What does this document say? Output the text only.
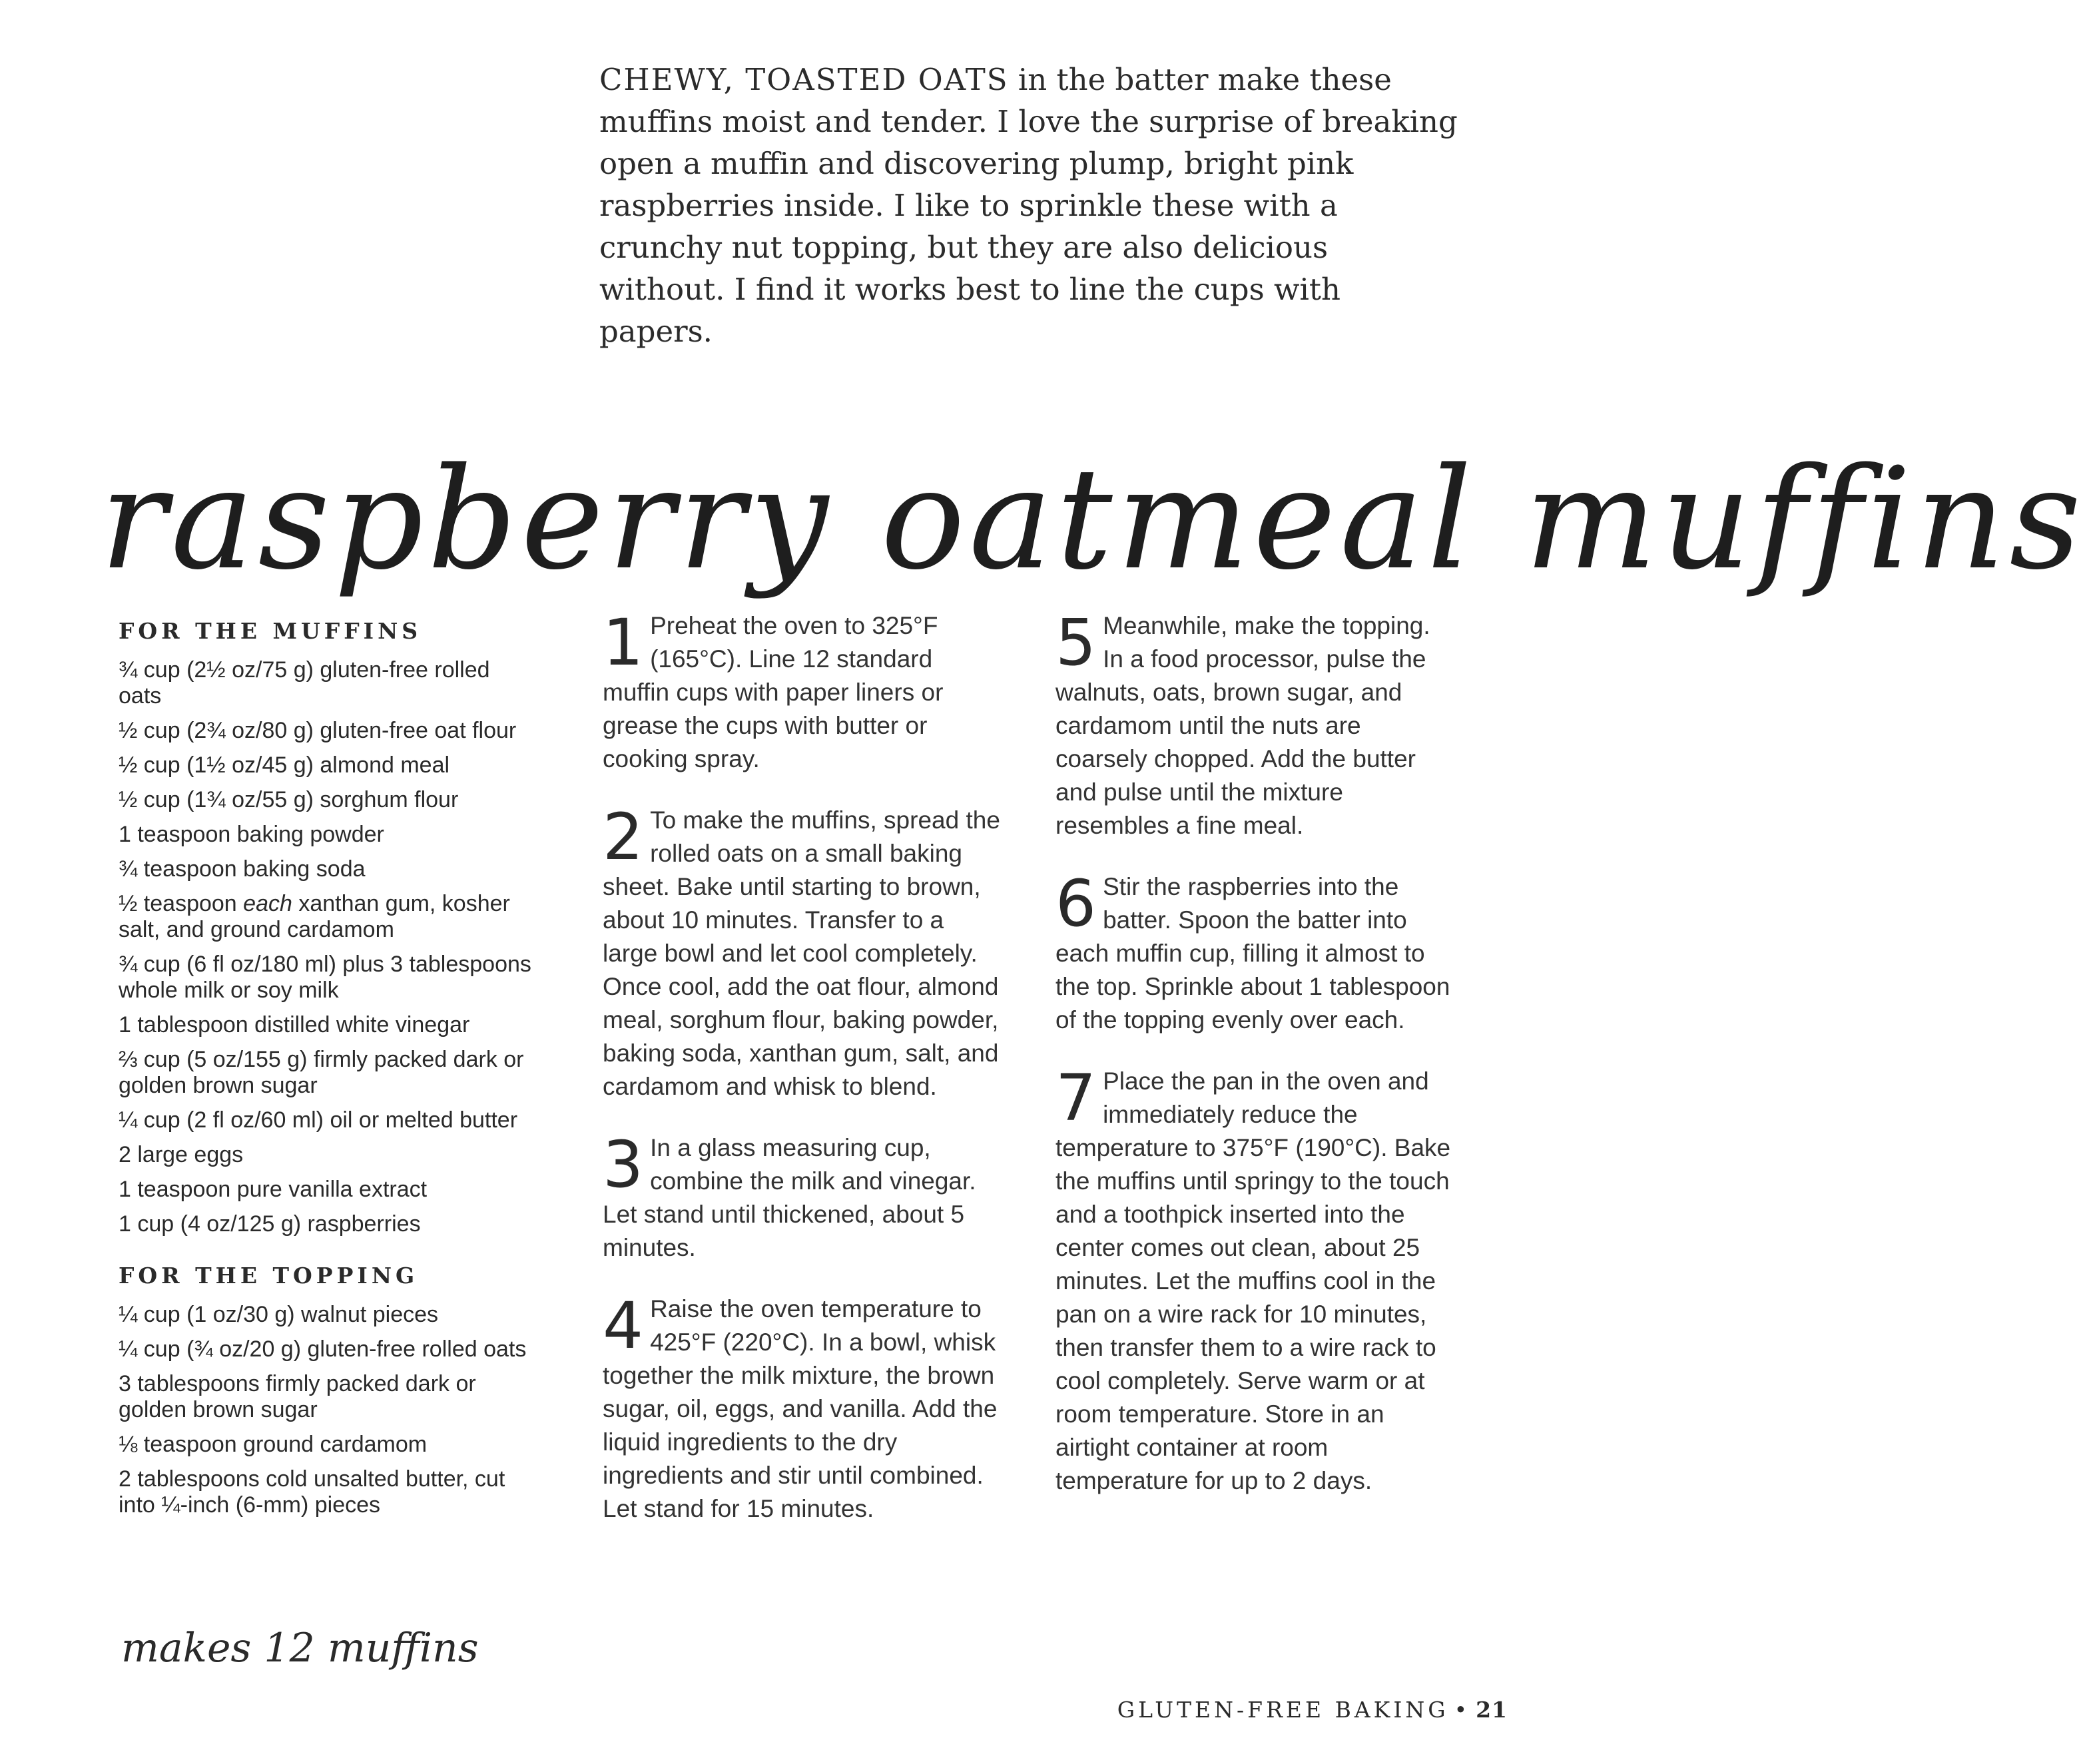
CHEWY, TOASTED OATS in the batter make these muffins moist and tender. I love the surprise of breaking open a muffin and discovering plump, bright pink raspberries inside. I like to sprinkle these with a crunchy nut topping, but they are also delicious without. I find it works best to line the cups with papers.

raspberry oatmeal muffins
FOR THE MUFFINS
¾ cup (2½ oz/75 g) gluten-free rolled oats
½ cup (2¾ oz/80 g) gluten-free oat flour
½ cup (1½ oz/45 g) almond meal
½ cup (1¾ oz/55 g) sorghum flour
1 teaspoon baking powder
¾ teaspoon baking soda
½ teaspoon each xanthan gum, kosher salt, and ground cardamom
¾ cup (6 fl oz/180 ml) plus 3 tablespoons whole milk or soy milk
1 tablespoon distilled white vinegar
⅔ cup (5 oz/155 g) firmly packed dark or golden brown sugar
¼ cup (2 fl oz/60 ml) oil or melted butter
2 large eggs
1 teaspoon pure vanilla extract
1 cup (4 oz/125 g) raspberries
FOR THE TOPPING
¼ cup (1 oz/30 g) walnut pieces
¼ cup (¾ oz/20 g) gluten-free rolled oats
3 tablespoons firmly packed dark or golden brown sugar
⅛ teaspoon ground cardamom
2 tablespoons cold unsalted butter, cut into ¼-inch (6-mm) pieces

makes 12 muffins

1 Preheat the oven to 325°F (165°C). Line 12 standard muffin cups with paper liners or grease the cups with butter or cooking spray.
2 To make the muffins, spread the rolled oats on a small baking sheet. Bake until starting to brown, about 10 minutes. Transfer to a large bowl and let cool completely. Once cool, add the oat flour, almond meal, sorghum flour, baking powder, baking soda, xanthan gum, salt, and cardamom and whisk to blend.
3 In a glass measuring cup, combine the milk and vinegar. Let stand until thickened, about 5 minutes.
4 Raise the oven temperature to 425°F (220°C). In a bowl, whisk together the milk mixture, the brown sugar, oil, eggs, and vanilla. Add the liquid ingredients to the dry ingredients and stir until combined. Let stand for 15 minutes.
5 Meanwhile, make the topping. In a food processor, pulse the walnuts, oats, brown sugar, and cardamom until the nuts are coarsely chopped. Add the butter and pulse until the mixture resembles a fine meal.
6 Stir the raspberries into the batter. Spoon the batter into each muffin cup, filling it almost to the top. Sprinkle about 1 tablespoon of the topping evenly over each.
7 Place the pan in the oven and immediately reduce the temperature to 375°F (190°C). Bake the muffins until springy to the touch and a toothpick inserted into the center comes out clean, about 25 minutes. Let the muffins cool in the pan on a wire rack for 10 minutes, then transfer them to a wire rack to cool completely. Serve warm or at room temperature. Store in an airtight container at room temperature for up to 2 days.
GLUTEN-FREE BAKING • 21
